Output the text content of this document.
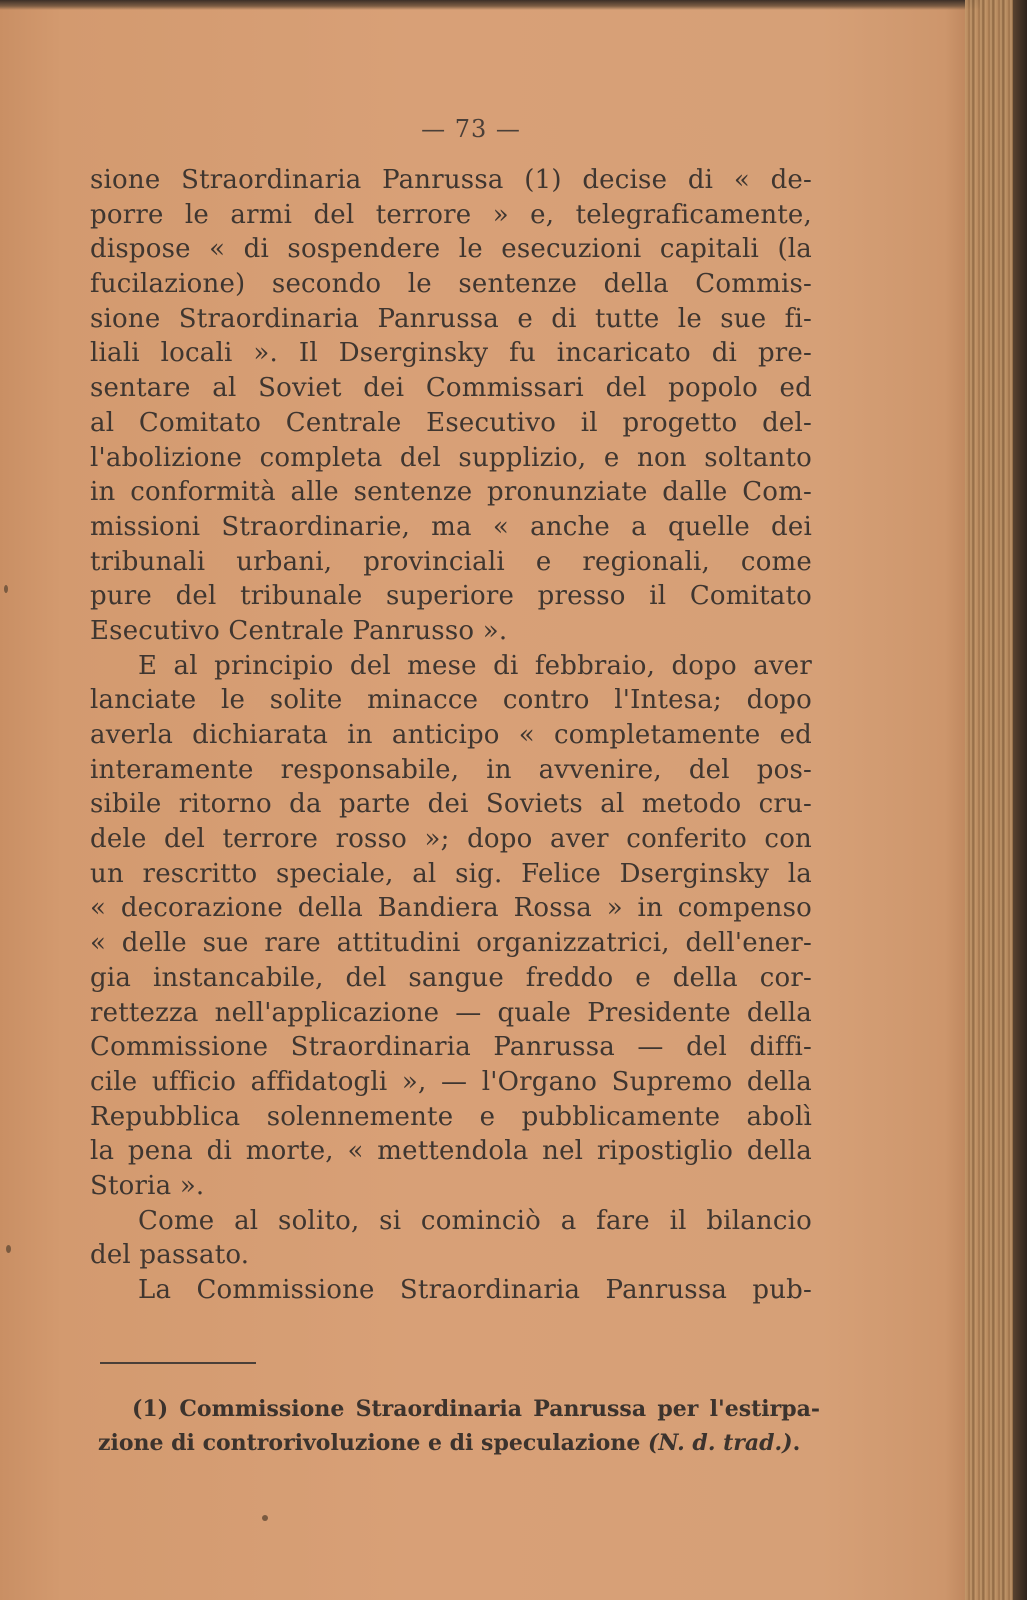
— 73 —
sione Straordinaria Panrussa (1) decise di « de-
porre le armi del terrore » e, telegraficamente,
dispose « di sospendere le esecuzioni capitali (la
fucilazione) secondo le sentenze della Commis-
sione Straordinaria Panrussa e di tutte le sue fi-
liali locali ». Il Dserginsky fu incaricato di pre-
sentare al Soviet dei Commissari del popolo ed
al Comitato Centrale Esecutivo il progetto del-
l'abolizione completa del supplizio, e non soltanto
in conformità alle sentenze pronunziate dalle Com-
missioni Straordinarie, ma « anche a quelle dei
tribunali urbani, provinciali e regionali, come
pure del tribunale superiore presso il Comitato
Esecutivo Centrale Panrusso ».
E al principio del mese di febbraio, dopo aver
lanciate le solite minacce contro l'Intesa; dopo
averla dichiarata in anticipo « completamente ed
interamente responsabile, in avvenire, del pos-
sibile ritorno da parte dei Soviets al metodo cru-
dele del terrore rosso »; dopo aver conferito con
un rescritto speciale, al sig. Felice Dserginsky la
« decorazione della Bandiera Rossa » in compenso
« delle sue rare attitudini organizzatrici, dell'ener-
gia instancabile, del sangue freddo e della cor-
rettezza nell'applicazione — quale Presidente della
Commissione Straordinaria Panrussa — del diffi-
cile ufficio affidatogli », — l'Organo Supremo della
Repubblica solennemente e pubblicamente abolì
la pena di morte, « mettendola nel ripostiglio della
Storia ».
Come al solito, si cominciò a fare il bilancio
del passato.
La Commissione Straordinaria Panrussa pub-
(1) Commissione Straordinaria Panrussa per l'estirpa-
zione di controrivoluzione e di speculazione (N. d. trad.).
